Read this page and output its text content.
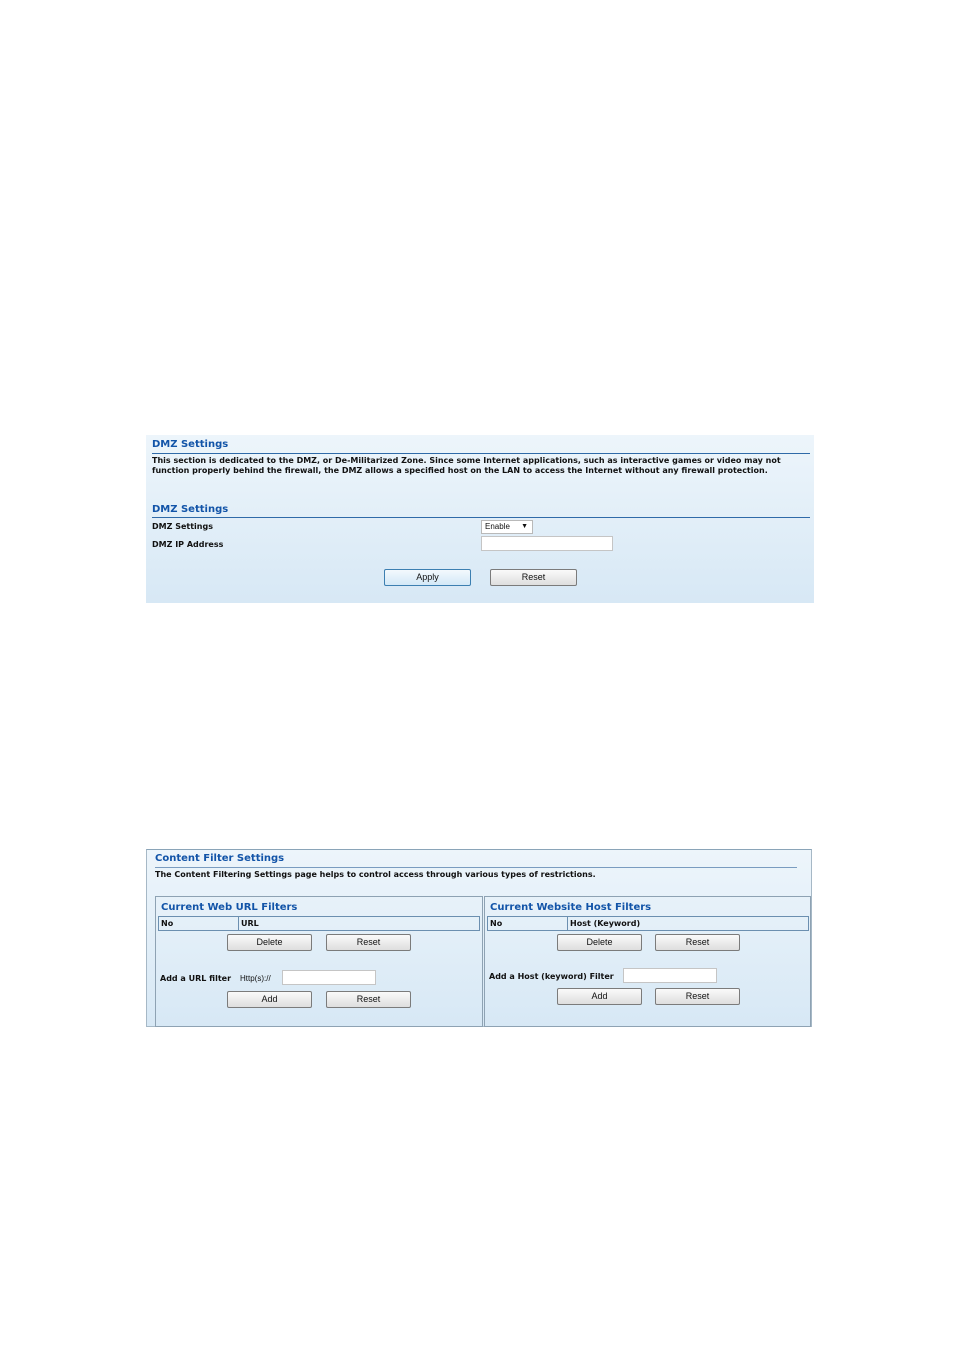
DMZ Settings
This section is dedicated to the DMZ, or De-Militarized Zone. Since some Internet applications, such as interactive games or video may not function properly behind the firewall, the DMZ allows a specified host on the LAN to access the Internet without any firewall protection.
DMZ Settings
DMZ Settings	Enable ▼
DMZ IP Address
Apply	Reset
Content Filter Settings
The Content Filtering Settings page helps to control access through various types of restrictions.
Current Web URL Filters
No	URL
Delete	Reset
Add a URL filter Http(s)://
Add	Reset
Current Website Host Filters
No	Host (Keyword)
Delete	Reset
Add a Host (keyword) Filter
Add	Reset
